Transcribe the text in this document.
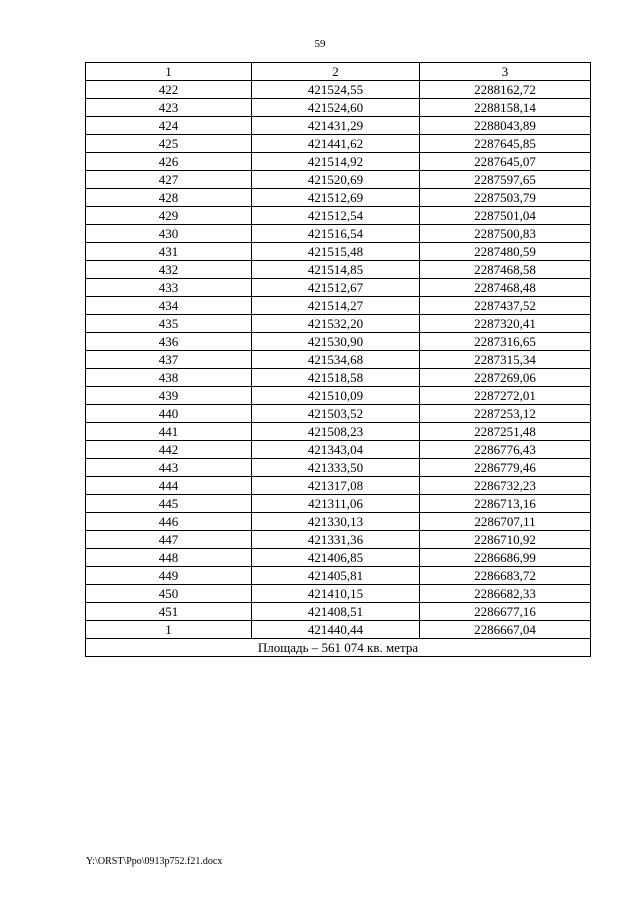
59
1	2	3
422	421524,55	2288162,72
423	421524,60	2288158,14
424	421431,29	2288043,89
425	421441,62	2287645,85
426	421514,92	2287645,07
427	421520,69	2287597,65
428	421512,69	2287503,79
429	421512,54	2287501,04
430	421516,54	2287500,83
431	421515,48	2287480,59
432	421514,85	2287468,58
433	421512,67	2287468,48
434	421514,27	2287437,52
435	421532,20	2287320,41
436	421530,90	2287316,65
437	421534,68	2287315,34
438	421518,58	2287269,06
439	421510,09	2287272,01
440	421503,52	2287253,12
441	421508,23	2287251,48
442	421343,04	2286776,43
443	421333,50	2286779,46
444	421317,08	2286732,23
445	421311,06	2286713,16
446	421330,13	2286707,11
447	421331,36	2286710,92
448	421406,85	2286686,99
449	421405,81	2286683,72
450	421410,15	2286682,33
451	421408,51	2286677,16
1	421440,44	2286667,04
Площадь – 561 074 кв. метра		
Y:\ORST\Ppo\0913p752.f21.docx
